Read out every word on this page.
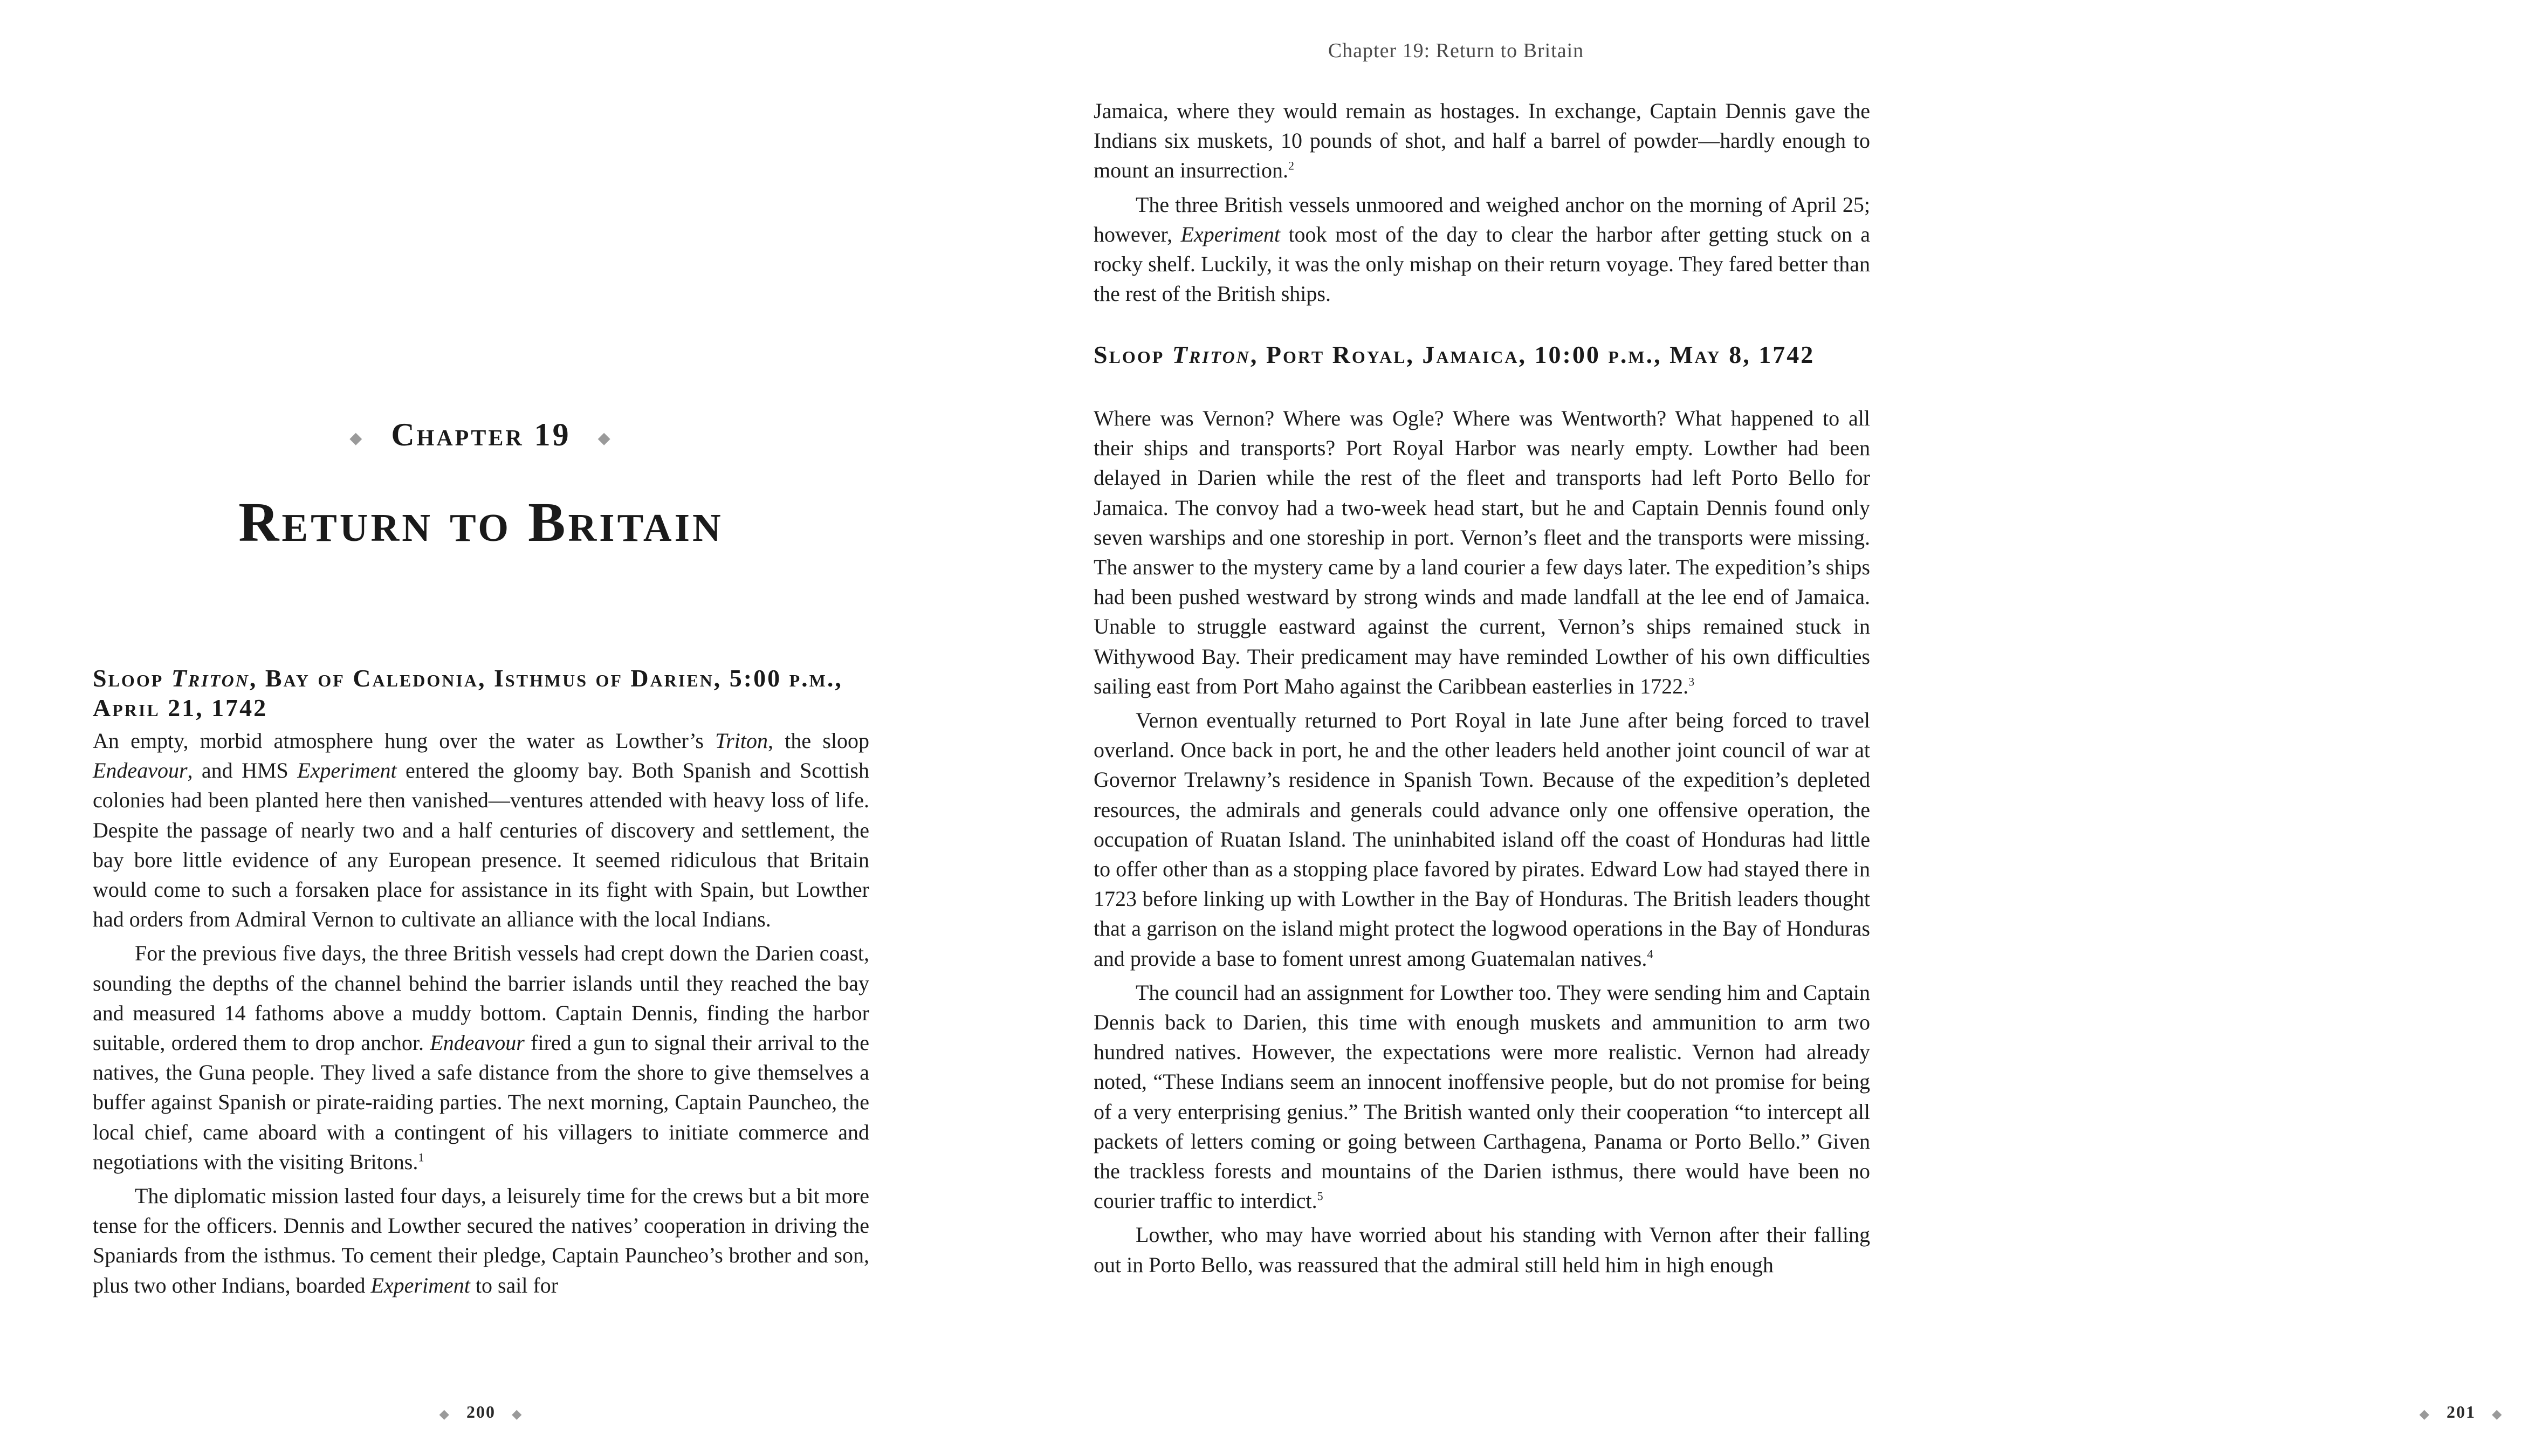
◆ Chapter 19 ◆
Return to Britain
Sloop Triton, Bay of Caledonia, Isthmus of Darien, 5:00 p.m., April 21, 1742

An empty, morbid atmosphere hung over the water as Lowther’s Triton, the sloop Endeavour, and HMS Experiment entered the gloomy bay. Both Spanish and Scottish colonies had been planted here then vanished—ventures attended with heavy loss of life. Despite the passage of nearly two and a half centuries of discovery and settlement, the bay bore little evidence of any European presence. It seemed ridiculous that Britain would come to such a forsaken place for assistance in its fight with Spain, but Lowther had orders from Admiral Vernon to cultivate an alliance with the local Indians.

For the previous five days, the three British vessels had crept down the Darien coast, sounding the depths of the channel behind the barrier islands until they reached the bay and measured 14 fathoms above a muddy bottom. Captain Dennis, finding the harbor suitable, ordered them to drop anchor. Endeavour fired a gun to signal their arrival to the natives, the Guna people. They lived a safe distance from the shore to give themselves a buffer against Spanish or pirate-raiding parties. The next morning, Captain Pauncheo, the local chief, came aboard with a contingent of his villagers to initiate commerce and negotiations with the visiting Britons.$^1$

The diplomatic mission lasted four days, a leisurely time for the crews but a bit more tense for the officers. Dennis and Lowther secured the natives’ cooperation in driving the Spaniards from the isthmus. To cement their pledge, Captain Pauncheo’s brother and son, plus two other Indians, boarded Experiment to sail for

◆ 200 ◆
Chapter 19: Return to Britain

Jamaica, where they would remain as hostages. In exchange, Captain Dennis gave the Indians six muskets, 10 pounds of shot, and half a barrel of powder—hardly enough to mount an insurrection.$^2$

The three British vessels unmoored and weighed anchor on the morning of April 25; however, Experiment took most of the day to clear the harbor after getting stuck on a rocky shelf. Luckily, it was the only mishap on their return voyage. They fared better than the rest of the British ships.

Sloop Triton, Port Royal, Jamaica, 10:00 p.m., May 8, 1742

Where was Vernon? Where was Ogle? Where was Wentworth? What happened to all their ships and transports? Port Royal Harbor was nearly empty. Lowther had been delayed in Darien while the rest of the fleet and transports had left Porto Bello for Jamaica. The convoy had a two-week head start, but he and Captain Dennis found only seven warships and one storeship in port. Vernon’s fleet and the transports were missing. The answer to the mystery came by a land courier a few days later. The expedition’s ships had been pushed westward by strong winds and made landfall at the lee end of Jamaica. Unable to struggle eastward against the current, Vernon’s ships remained stuck in Withywood Bay. Their predicament may have reminded Lowther of his own difficulties sailing east from Port Maho against the Caribbean easterlies in 1722.$^3$

Vernon eventually returned to Port Royal in late June after being forced to travel overland. Once back in port, he and the other leaders held another joint council of war at Governor Trelawny’s residence in Spanish Town. Because of the expedition’s depleted resources, the admirals and generals could advance only one offensive operation, the occupation of Ruatan Island. The uninhabited island off the coast of Honduras had little to offer other than as a stopping place favored by pirates. Edward Low had stayed there in 1723 before linking up with Lowther in the Bay of Honduras. The British leaders thought that a garrison on the island might protect the logwood operations in the Bay of Honduras and provide a base to foment unrest among Guatemalan natives.$^4$

The council had an assignment for Lowther too. They were sending him and Captain Dennis back to Darien, this time with enough muskets and ammunition to arm two hundred natives. However, the expectations were more realistic. Vernon had already noted, “These Indians seem an innocent inoffensive people, but do not promise for being of a very enterprising genius.” The British wanted only their cooperation “to intercept all packets of letters coming or going between Carthagena, Panama or Porto Bello.” Given the trackless forests and mountains of the Darien isthmus, there would have been no courier traffic to interdict.$^5$

Lowther, who may have worried about his standing with Vernon after their falling out in Porto Bello, was reassured that the admiral still held him in high enough

◆ 201 ◆
